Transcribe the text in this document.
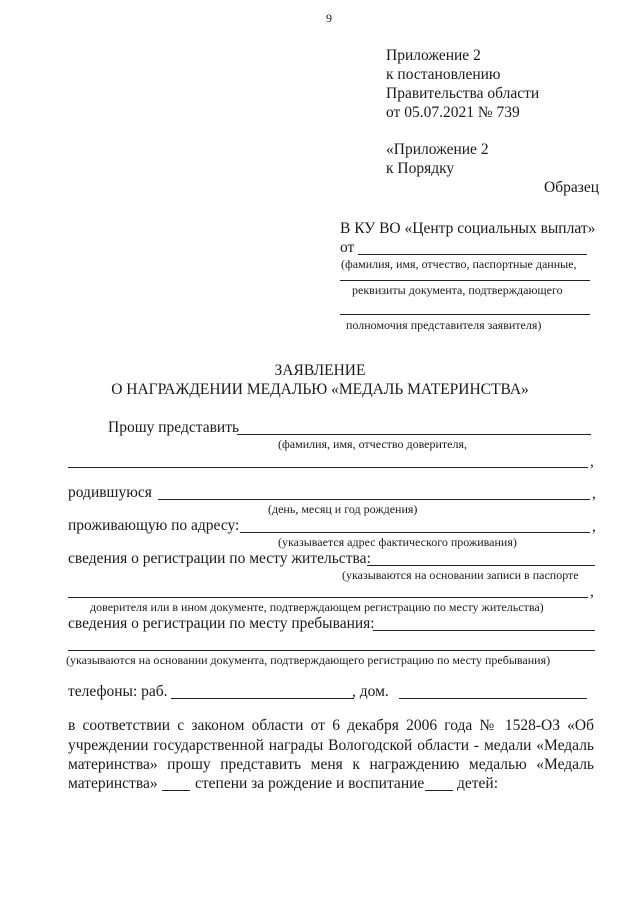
9
Приложение 2
к постановлению
Правительства области
от 05.07.2021 № 739
«Приложение 2
к Порядку
Образец
В КУ ВО «Центр социальных выплат»
от
(фамилия, имя, отчество, паспортные данные,
реквизиты документа, подтверждающего
полномочия представителя заявителя)
ЗАЯВЛЕНИЕ
О НАГРАЖДЕНИИ МЕДАЛЬЮ «МЕДАЛЬ МАТЕРИНСТВА»
Прошу представить
(фамилия, имя, отчество доверителя,
,
родившуюся	,
(день, месяц и год рождения)
проживающую по адресу:	,
(указывается адрес фактического проживания)
сведения о регистрации по месту жительства:
(указываются на основании записи в паспорте
,
доверителя или в ином документе, подтверждающем регистрацию по месту жительства)
сведения о регистрации по месту пребывания:
(указываются на основании документа, подтверждающего регистрацию по месту пребывания)
телефоны: раб.	, дом.
в соответствии с законом области от 6 декабря 2006 года № 1528-ОЗ «Об
учреждении государственной награды Вологодской области - медали «Медаль
материнства» прошу представить меня к награждению медалью «Медаль
материнства» степени за рождение и воспитание детей:
